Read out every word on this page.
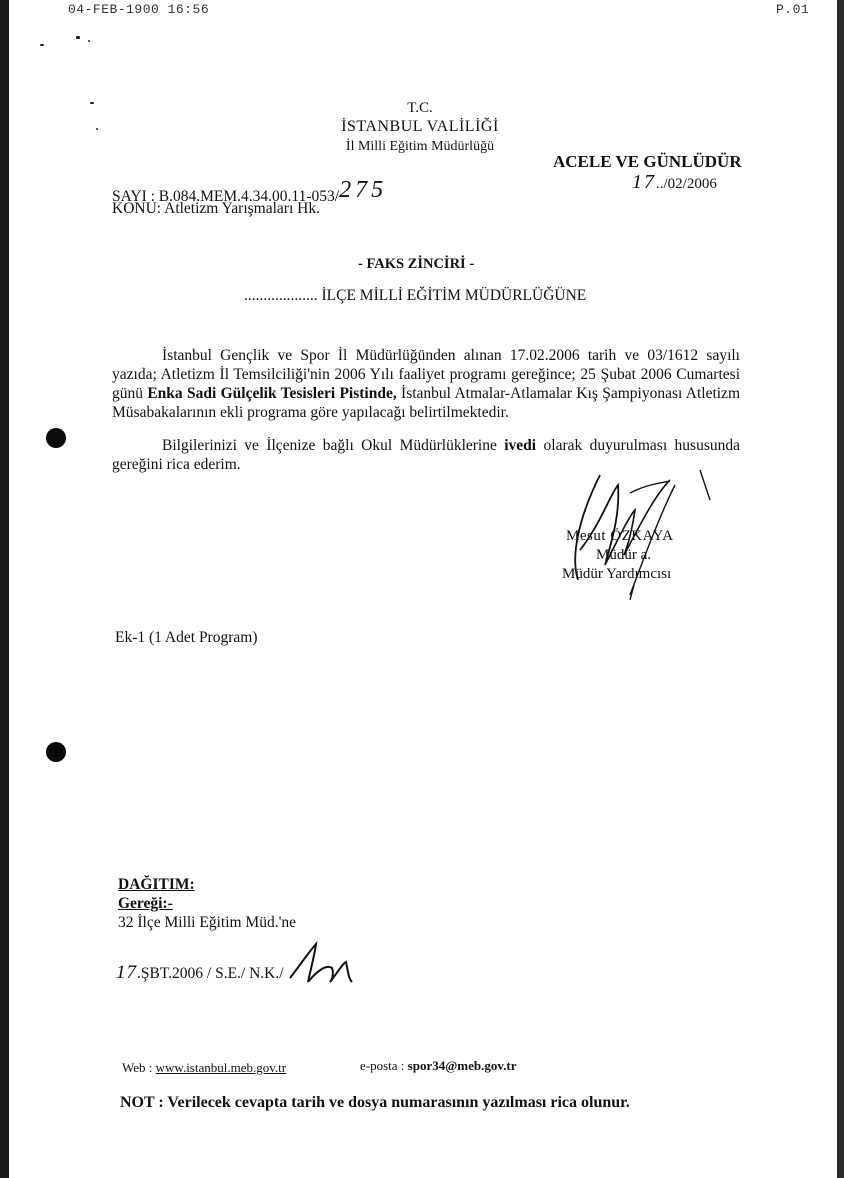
04-FEB-1900 16:56	P.01
T.C.
İSTANBUL VALİLİĞİ
İl Milli Eğitim Müdürlüğü
ACELE VE GÜNLÜDÜR
17../02/2006
SAYI : B.084.MEM.4.34.00.11-053/275
KONU: Atletizm Yarışmaları Hk.
- FAKS ZİNCİRİ -
................... İLÇE MİLLİ EĞİTİM MÜDÜRLÜĞÜNE
İstanbul Gençlik ve Spor İl Müdürlüğünden alınan 17.02.2006 tarih ve 03/1612 sayılı yazıda; Atletizm İl Temsilciliği'nin 2006 Yılı faaliyet programı gereğince; 25 Şubat 2006 Cumartesi günü Enka Sadi Gülçelik Tesisleri Pistinde, İstanbul Atmalar-Atlamalar Kış Şampiyonası Atletizm Müsabakalarının ekli programa göre yapılacağı belirtilmektedir.
Bilgilerinizi ve İlçenize bağlı Okul Müdürlüklerine ivedi olarak duyurulması hususunda gereğini rica ederim.
Mesut ÖZKAYA
Müdür a.
Müdür Yardımcısı
Ek-1 (1 Adet Program)
DAĞITIM:
Gereği:-
32 İlçe Milli Eğitim Müd.'ne
17.ŞBT.2006 / S.E./ N.K./
Web : www.istanbul.meb.gov.tr	e-posta : spor34@meb.gov.tr
NOT : Verilecek cevapta tarih ve dosya numarasının yazılması rica olunur.
